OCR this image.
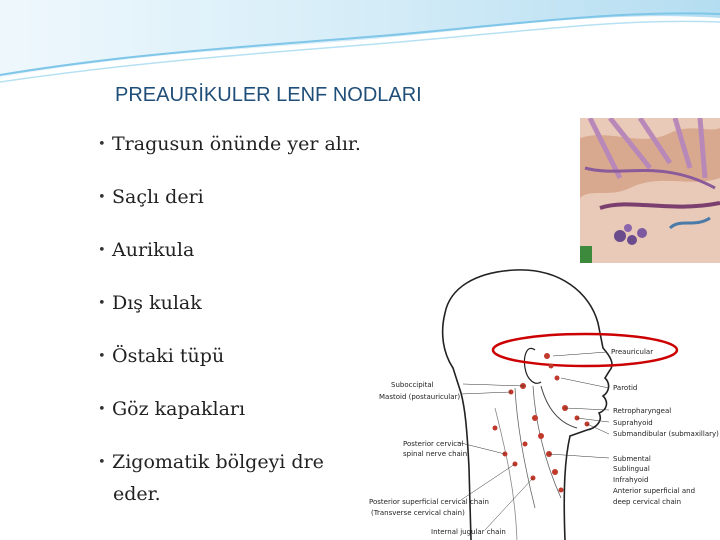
PREAURİKULER LENF NODLARI
• Tragusun önünde yer alır.
• Saçlı deri
• Aurikula
• Dış kulak
• Östaki tüpü
• Göz kapakları
• Zigomatik bölgeyi dre
eder.
Preauricular
Parotid
Retropharyngeal
Suprahyoid
Submandibular (submaxillary)
Submental
Sublingual
Infrahyoid
Anterior superficial and
deep cervical chain
Suboccipital
Mastoid (postauricular)
Posterior cervical
spinal nerve chain
Posterior superficial cervical chain
(Transverse cervical chain)
Internal jugular chain
